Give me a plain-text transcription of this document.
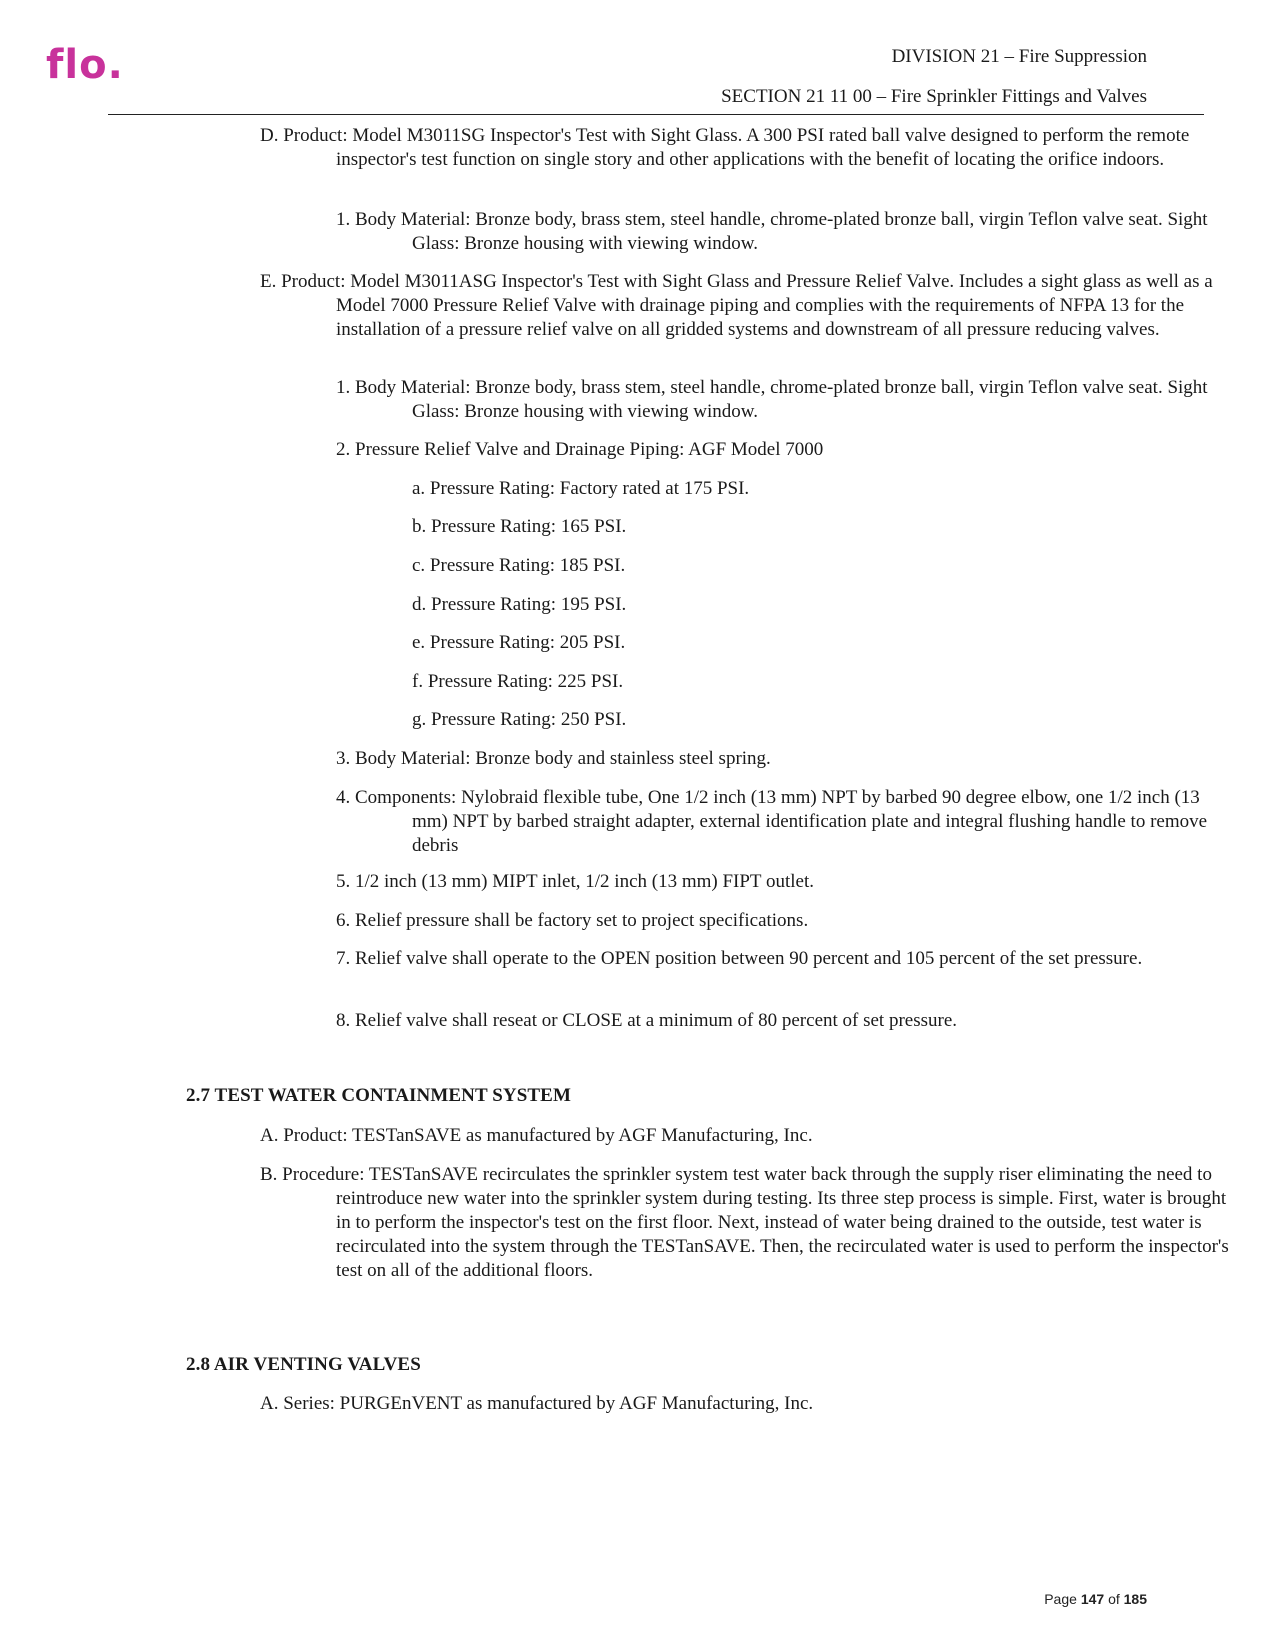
flo.	DIVISION 21 – Fire Suppression
SECTION 21 11 00 – Fire Sprinkler Fittings and Valves
D. Product: Model M3011SG Inspector's Test with Sight Glass. A 300 PSI rated ball valve designed to perform the remote inspector's test function on single story and other applications with the benefit of locating the orifice indoors.
1. Body Material: Bronze body, brass stem, steel handle, chrome-plated bronze ball, virgin Teflon valve seat. Sight Glass: Bronze housing with viewing window.
E. Product: Model M3011ASG Inspector's Test with Sight Glass and Pressure Relief Valve. Includes a sight glass as well as a Model 7000 Pressure Relief Valve with drainage piping and complies with the requirements of NFPA 13 for the installation of a pressure relief valve on all gridded systems and downstream of all pressure reducing valves.
1. Body Material: Bronze body, brass stem, steel handle, chrome-plated bronze ball, virgin Teflon valve seat. Sight Glass: Bronze housing with viewing window.
2. Pressure Relief Valve and Drainage Piping: AGF Model 7000
a. Pressure Rating: Factory rated at 175 PSI.
b. Pressure Rating: 165 PSI.
c. Pressure Rating: 185 PSI.
d. Pressure Rating: 195 PSI.
e. Pressure Rating: 205 PSI.
f. Pressure Rating: 225 PSI.
g. Pressure Rating: 250 PSI.
3. Body Material: Bronze body and stainless steel spring.
4. Components: Nylobraid flexible tube, One 1/2 inch (13 mm) NPT by barbed 90 degree elbow, one 1/2 inch (13 mm) NPT by barbed straight adapter, external identification plate and integral flushing handle to remove debris
5. 1/2 inch (13 mm) MIPT inlet, 1/2 inch (13 mm) FIPT outlet.
6. Relief pressure shall be factory set to project specifications.
7. Relief valve shall operate to the OPEN position between 90 percent and 105 percent of the set pressure.
8. Relief valve shall reseat or CLOSE at a minimum of 80 percent of set pressure.
2.7 TEST WATER CONTAINMENT SYSTEM
A. Product: TESTanSAVE as manufactured by AGF Manufacturing, Inc.
B. Procedure: TESTanSAVE recirculates the sprinkler system test water back through the supply riser eliminating the need to reintroduce new water into the sprinkler system during testing. Its three step process is simple. First, water is brought in to perform the inspector's test on the first floor. Next, instead of water being drained to the outside, test water is recirculated into the system through the TESTanSAVE. Then, the recirculated water is used to perform the inspector's test on all of the additional floors.
2.8 AIR VENTING VALVES
A. Series: PURGEnVENT as manufactured by AGF Manufacturing, Inc.
Page 147 of 185
